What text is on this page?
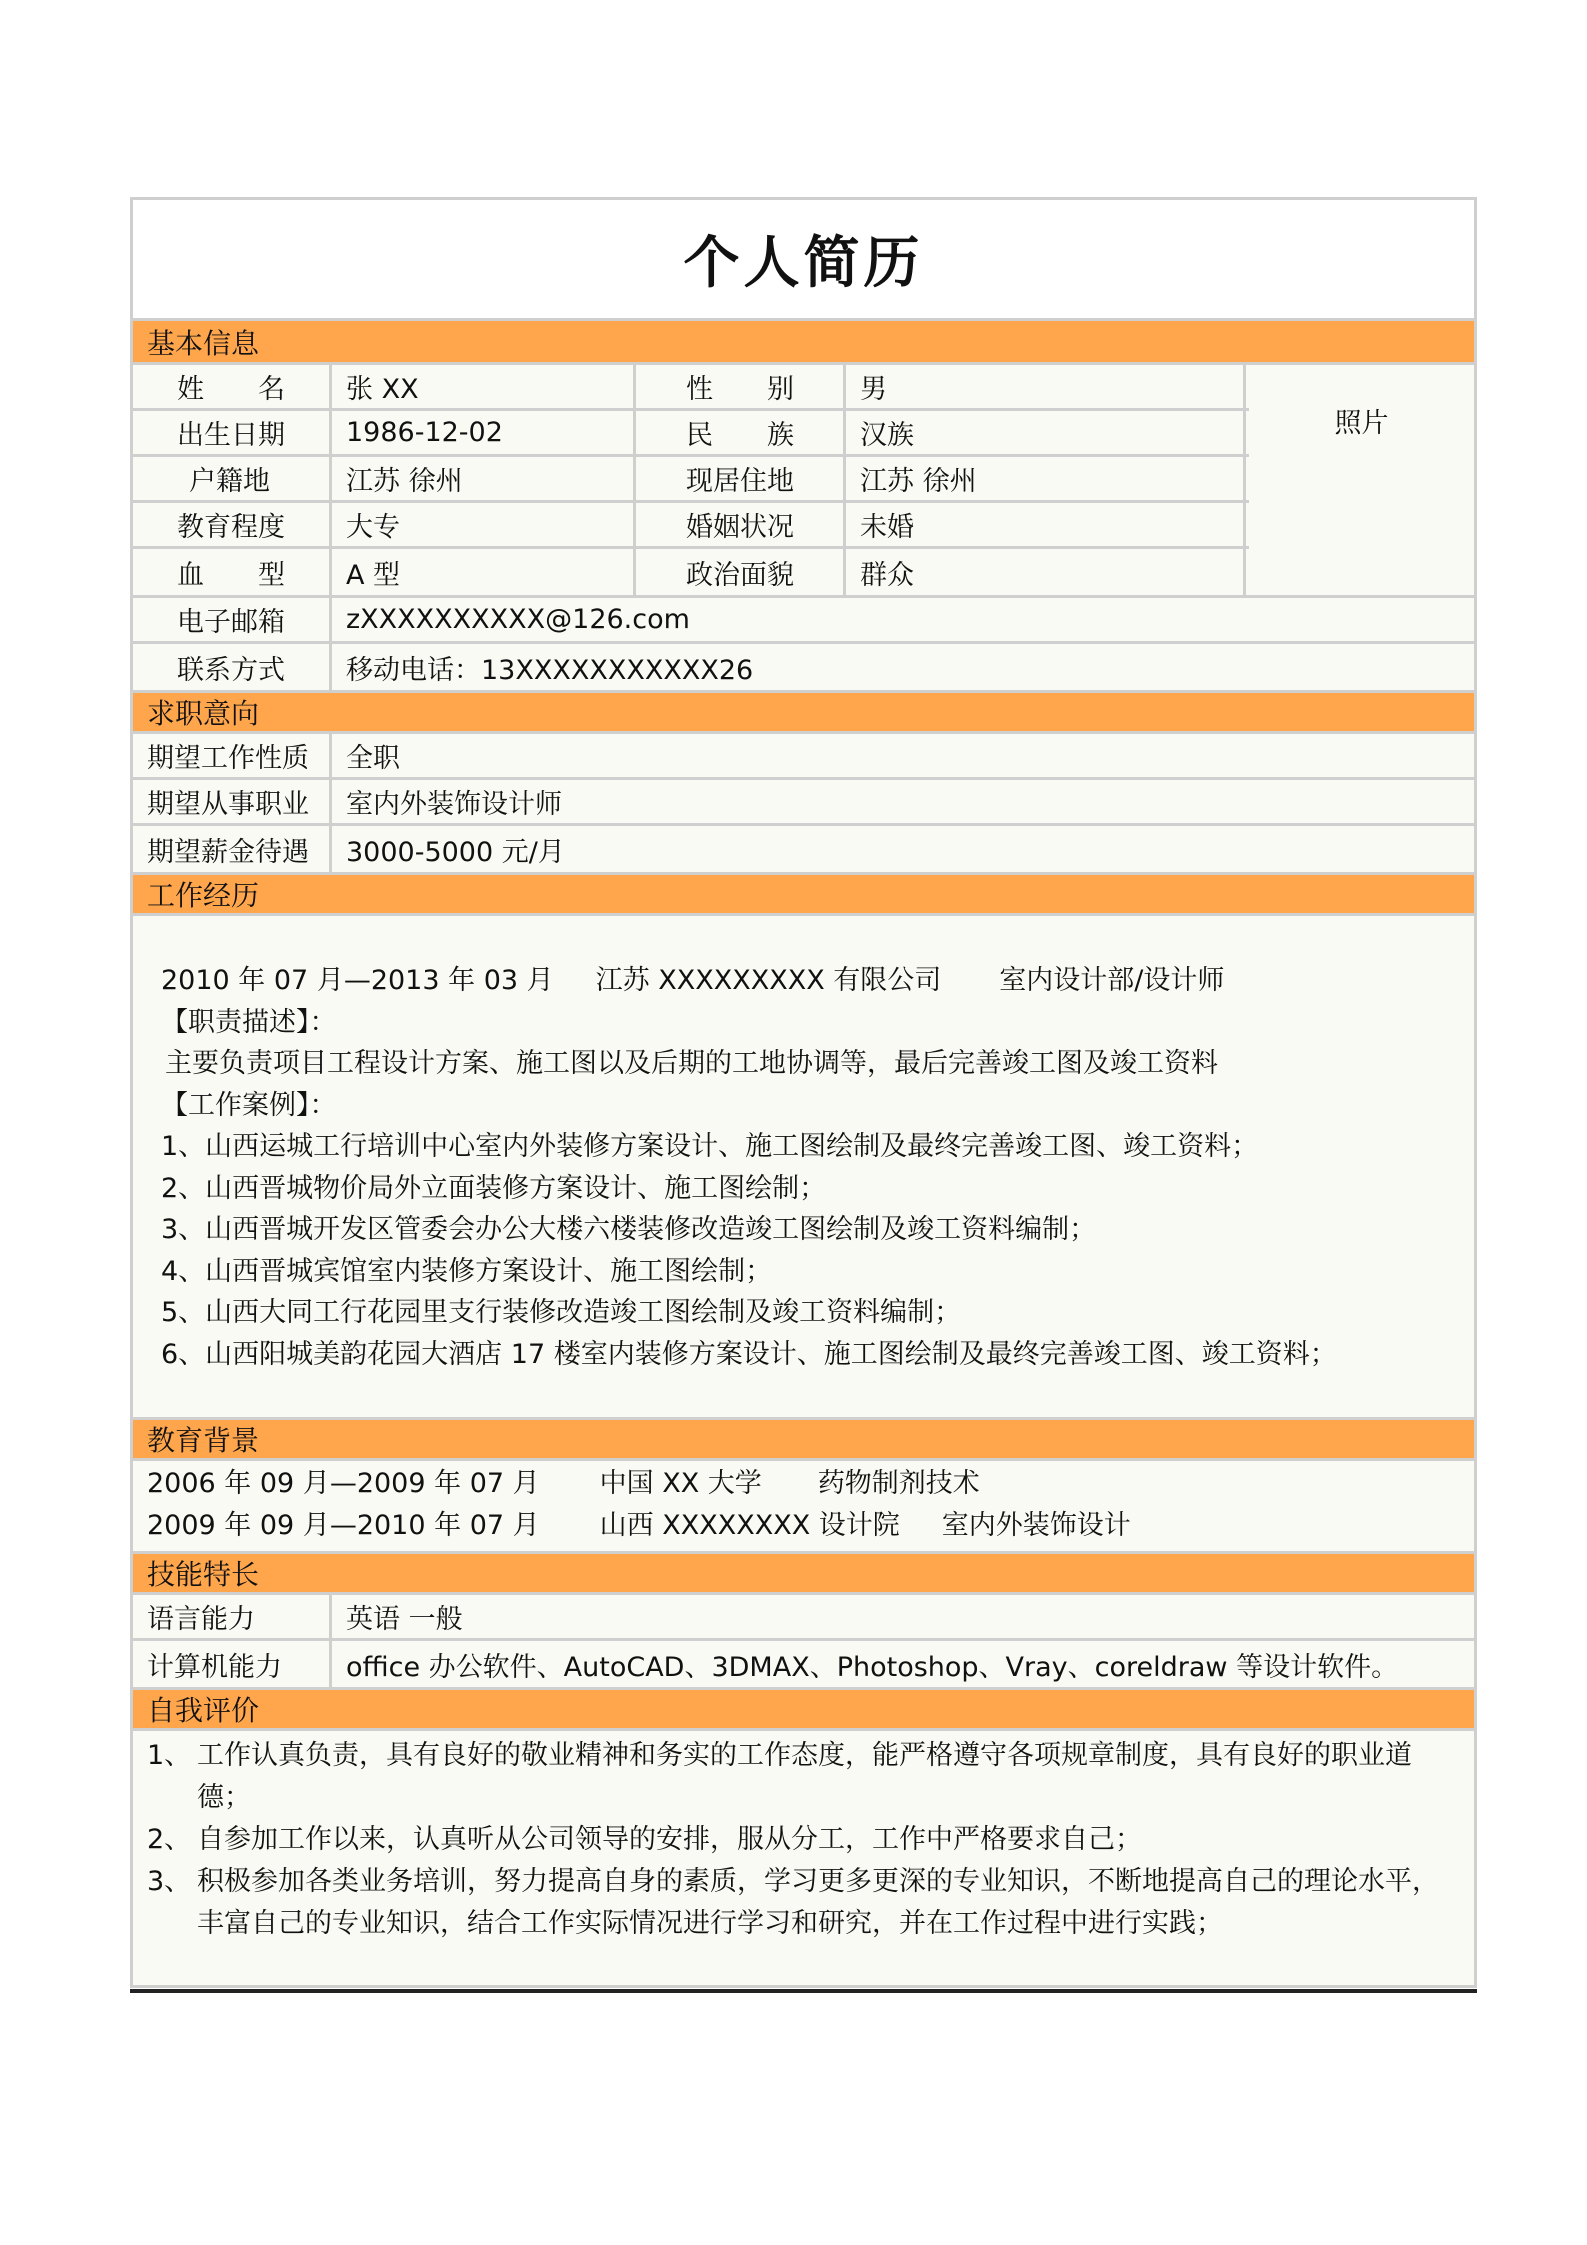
个人简历
基本信息
姓　　名	张 XX	性　　别	男
出生日期	1986-12-02	民　　族	汉族
户籍地	江苏 徐州	现居住地	江苏 徐州
教育程度	大专	婚姻状况	未婚
血　　型	A 型	政治面貌	群众
照片
电子邮箱	zXXXXXXXXXX@126.com
联系方式	移动电话：13XXXXXXXXXXX26
求职意向
期望工作性质	全职
期望从事职业	室内外装饰设计师
期望薪金待遇	3000-5000 元/月
工作经历
2010 年 07 月—2013 年 03 月 江苏 XXXXXXXXX 有限公司 室内设计部/设计师
【职责描述】：
主要负责项目工程设计方案、施工图以及后期的工地协调等，最后完善竣工图及竣工资料
【工作案例】：
1、山西运城工行培训中心室内外装修方案设计、施工图绘制及最终完善竣工图、竣工资料；
2、山西晋城物价局外立面装修方案设计、施工图绘制；
3、山西晋城开发区管委会办公大楼六楼装修改造竣工图绘制及竣工资料编制；
4、山西晋城宾馆室内装修方案设计、施工图绘制；
5、山西大同工行花园里支行装修改造竣工图绘制及竣工资料编制；
6、山西阳城美韵花园大酒店 17 楼室内装修方案设计、施工图绘制及最终完善竣工图、竣工资料；
教育背景
2006 年 09 月—2009 年 07 月 中国 XX 大学 药物制剂技术
2009 年 09 月—2010 年 07 月 山西 XXXXXXXX 设计院 室内外装饰设计
技能特长
语言能力	英语 一般
计算机能力	office 办公软件、AutoCAD、3DMAX、Photoshop、Vray、coreldraw 等设计软件。
自我评价
1、 工作认真负责，具有良好的敬业精神和务实的工作态度，能严格遵守各项规章制度，具有良好的职业道德；
2、 自参加工作以来，认真听从公司领导的安排，服从分工，工作中严格要求自己；
3、 积极参加各类业务培训，努力提高自身的素质，学习更多更深的专业知识，不断地提高自己的理论水平，丰富自己的专业知识，结合工作实际情况进行学习和研究，并在工作过程中进行实践；
